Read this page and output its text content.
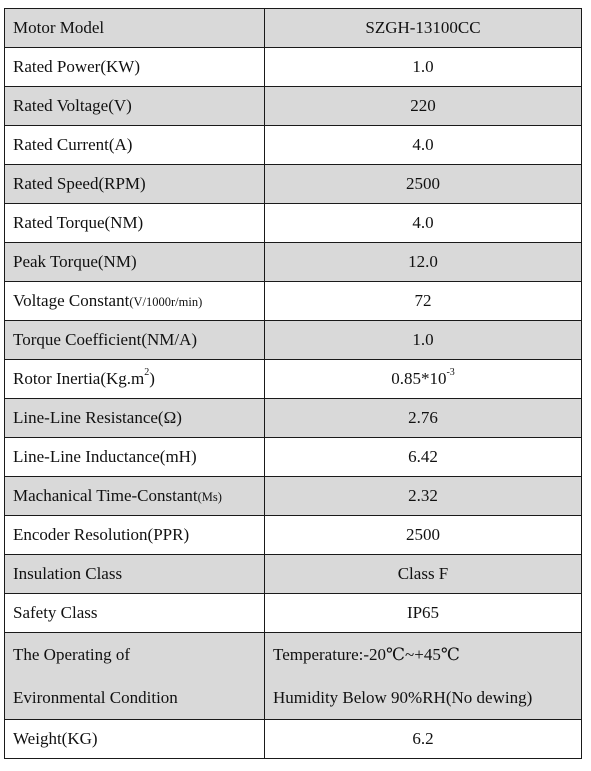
Motor Model	SZGH-13100CC
Rated Power(KW)	1.0
Rated Voltage(V)	220
Rated Current(A)	4.0
Rated Speed(RPM)	2500
Rated Torque(NM)	4.0
Peak Torque(NM)	12.0
Voltage Constant(V/1000r/min)	72
Torque Coefficient(NM/A)	1.0
Rotor $Inertia(Kg.m^2)$	$0.85*10^{-3}$
Line-Line Resistance(Ω)	2.76
Line-Line Inductance(mH)	6.42
Machanical Time-Constant(Ms)	2.32
Encoder Resolution(PPR)	2500
Insulation Class	Class F
Safety Class	IP65

The Operating of
Evironmental Condition	Temperature:-20℃~+45℃
Humidity Below 90%RH(No dewing)

Weight(KG)	6.2
